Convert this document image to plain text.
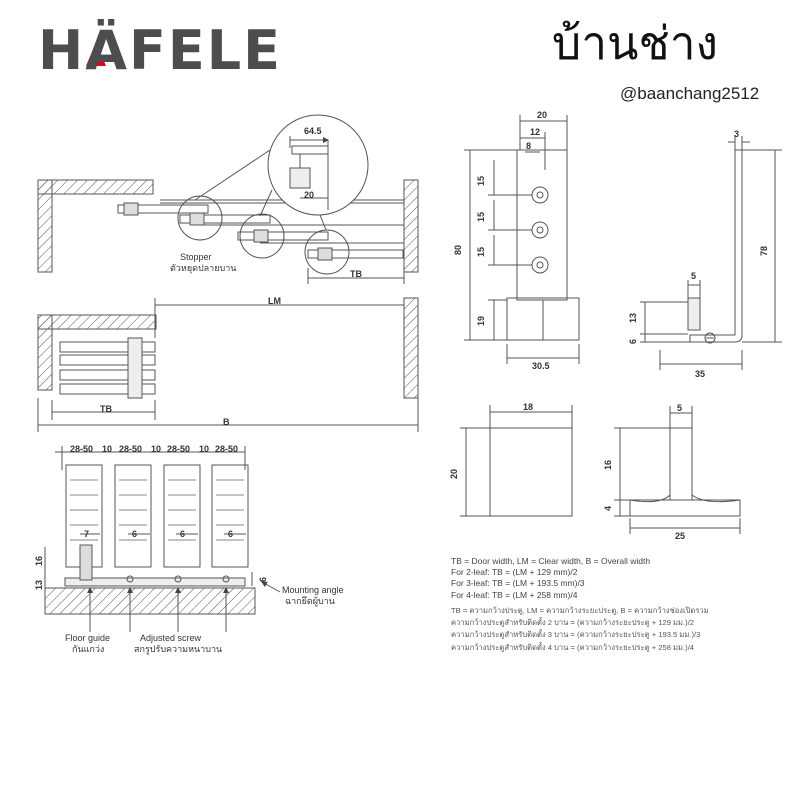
HÄFELE	บ้านช่าง
@baanchang2512
64.5
20
Stopper
ตัวหยุดปลายบาน
TB
LM
TB
B
28-50 10 28-50 10 28-50 10 28-50
7	6	6	6
16
13
6
Floor guide
กันแกว่ง
Adjusted screw
สกรูปรับความหนาบาน
Mounting angle
ฉากยึดผู้บาน
20
12
8
80
15
15
15
19
30.5
3
78
5
13
6
35
18
20
5
16
4
25
TB = Door width, LM = Clear width, B = Overall width
For 2-leaf: TB = (LM + 129 mm)/2
For 3-leaf: TB = (LM + 193.5 mm)/3
For 4-leaf: TB = (LM + 258 mm)/4
TB = ความกว้างประตู, LM = ความกว้างระยะประตู, B = ความกว้างช่องเปิดรวม
ความกว้างประตูสำหรับติดตั้ง 2 บาน = (ความกว้างระยะประตู + 129 มม.)/2
ความกว้างประตูสำหรับติดตั้ง 3 บาน = (ความกว้างระยะประตู + 193.5 มม.)/3
ความกว้างประตูสำหรับติดตั้ง 4 บาน = (ความกว้างระยะประตู + 258 มม.)/4
